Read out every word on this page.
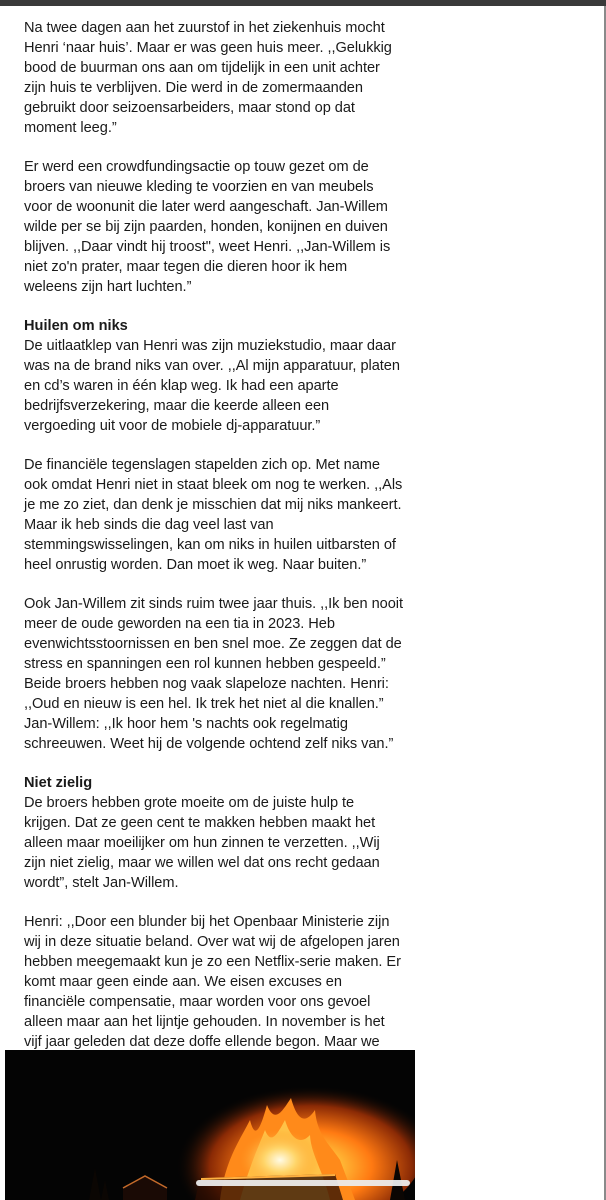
Na twee dagen aan het zuurstof in het ziekenhuis mocht Henri ‘naar huis’. Maar er was geen huis meer. ,,Gelukkig bood de buurman ons aan om tijdelijk in een unit achter zijn huis te verblijven. Die werd in de zomermaanden gebruikt door seizoensarbeiders, maar stond op dat moment leeg.”

Er werd een crowdfundingsactie op touw gezet om de broers van nieuwe kleding te voorzien en van meubels voor de woonunit die later werd aangeschaft. Jan-Willem wilde per se bij zijn paarden, honden, konijnen en duiven blijven. ,,Daar vindt hij troost", weet Henri. ,,Jan-Willem is niet zo'n prater, maar tegen die dieren hoor ik hem weleens zijn hart luchten.”

Huilen om niks

De uitlaatklep van Henri was zijn muziekstudio, maar daar was na de brand niks van over. ,,Al mijn apparatuur, platen en cd’s waren in één klap weg. Ik had een aparte bedrijfsverzekering, maar die keerde alleen een vergoeding uit voor de mobiele dj-apparatuur.”

De financiële tegenslagen stapelden zich op. Met name ook omdat Henri niet in staat bleek om nog te werken. ,,Als je me zo ziet, dan denk je misschien dat mij niks mankeert. Maar ik heb sinds die dag veel last van stemmingswisselingen, kan om niks in huilen uitbarsten of heel onrustig worden. Dan moet ik weg. Naar buiten.”

Ook Jan-Willem zit sinds ruim twee jaar thuis. ,,Ik ben nooit meer de oude geworden na een tia in 2023. Heb evenwichtsstoornissen en ben snel moe. Ze zeggen dat de stress en spanningen een rol kunnen hebben gespeeld.” Beide broers hebben nog vaak slapeloze nachten. Henri: ,,Oud en nieuw is een hel. Ik trek het niet al die knallen.” Jan-Willem: ,,Ik hoor hem 's nachts ook regelmatig schreeuwen. Weet hij de volgende ochtend zelf niks van.”

Niet zielig

De broers hebben grote moeite om de juiste hulp te krijgen. Dat ze geen cent te makken hebben maakt het alleen maar moeilijker om hun zinnen te verzetten. ,,Wij zijn niet zielig, maar we willen wel dat ons recht gedaan wordt”, stelt Jan-Willem.

Henri: ,,Door een blunder bij het Openbaar Ministerie zijn wij in deze situatie beland. Over wat wij de afgelopen jaren hebben meegemaakt kun je zo een Netflix-serie maken. Er komt maar geen einde aan. We eisen excuses en financiële compensatie, maar worden voor ons gevoel alleen maar aan het lijntje gehouden. In november is het vijf jaar geleden dat deze doffe ellende begon. Maar we
